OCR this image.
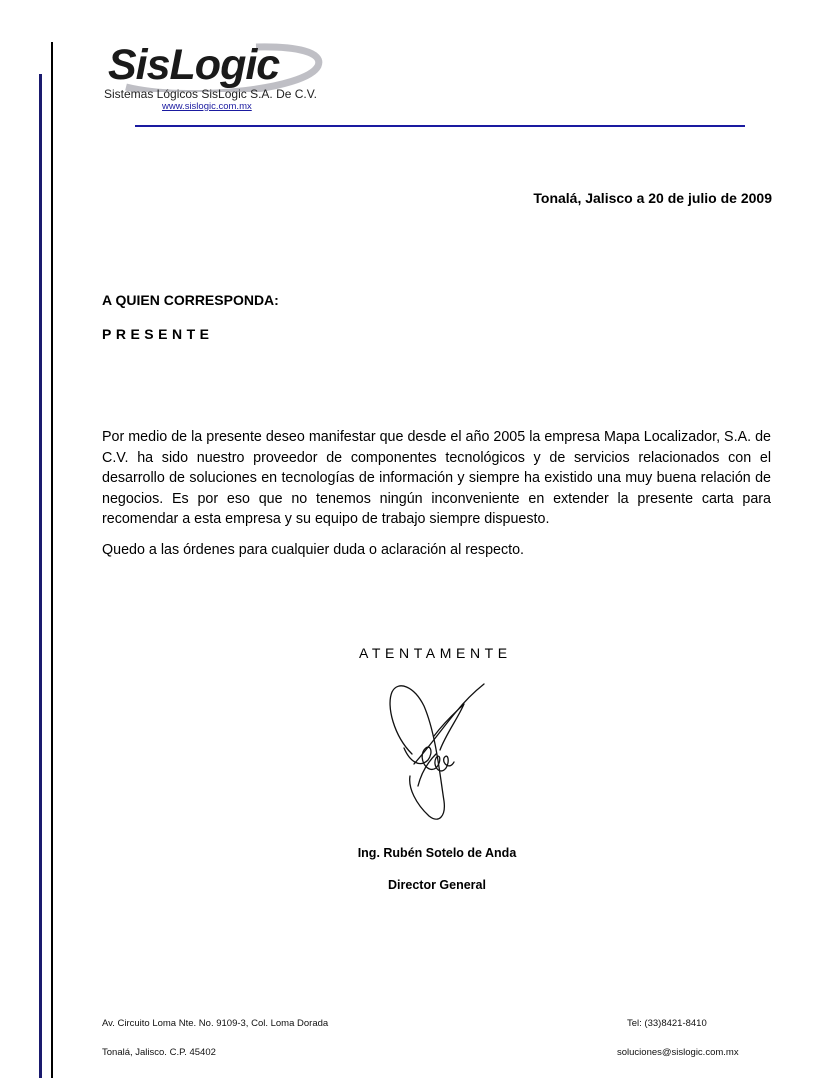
SisLogic
Sistemas Lógicos SisLogic S.A. De C.V.
www.sislogic.com.mx
Tonalá, Jalisco a 20 de julio de 2009
A QUIEN CORRESPONDA:
PRESENTE
Por medio de la presente deseo manifestar que desde el año 2005 la empresa Mapa Localizador, S.A. de C.V. ha sido nuestro proveedor de componentes tecnológicos y de servicios relacionados con el desarrollo de soluciones en tecnologías de información y siempre ha existido una muy buena relación de negocios. Es por eso que no tenemos ningún inconveniente en extender la presente carta para recomendar a esta empresa y su equipo de trabajo siempre dispuesto.
Quedo a las órdenes para cualquier duda o aclaración al respecto.
ATENTAMENTE
Ing. Rubén Sotelo de Anda
Director General
Av. Circuito Loma Nte. No. 9109-3, Col. Loma Dorada
Tonalá, Jalisco. C.P. 45402
Tel: (33)8421-8410
soluciones@sislogic.com.mx
